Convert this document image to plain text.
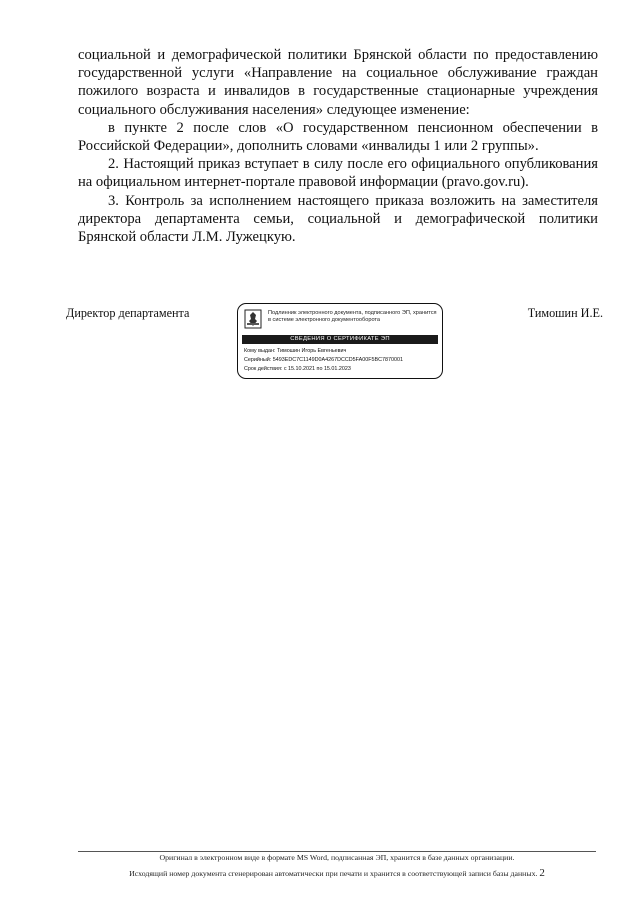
социальной и демографической политики Брянской области по предоставлению государственной услуги «Направление на социальное обслуживание граждан пожилого возраста и инвалидов в государственные стационарные учреждения социального обслуживания населения» следующее изменение:

в пункте 2 после слов «О государственном пенсионном обеспечении в Российской Федерации», дополнить словами «инвалиды 1 или 2 группы».

2. Настоящий приказ вступает в силу после его официального опубликования на официальном интернет-портале правовой информации (pravo.gov.ru).

3. Контроль за исполнением настоящего приказа возложить на заместителя директора департамента семьи, социальной и демографической политики Брянской области Л.М. Лужецкую.

Директор департамента	Тимошин И.Е.
Подлинник электронного документа, подписанного ЭП, хранится в системе электронного документооборота
СВЕДЕНИЯ О СЕРТИФИКАТЕ ЭП
Кому выдан: Тимошин Игорь Евгеньевич
Серийный: 5493EDC7C1149D0A4267DCCD5FA00F5BC7870001
Срок действия: с 15.10.2021 по 15.01.2023
Оригинал в электронном виде в формате MS Word, подписанная ЭП, хранится в базе данных организации.
Исходящий номер документа сгенерирован автоматически при печати и хранится в соответствующей записи базы данных. 2
